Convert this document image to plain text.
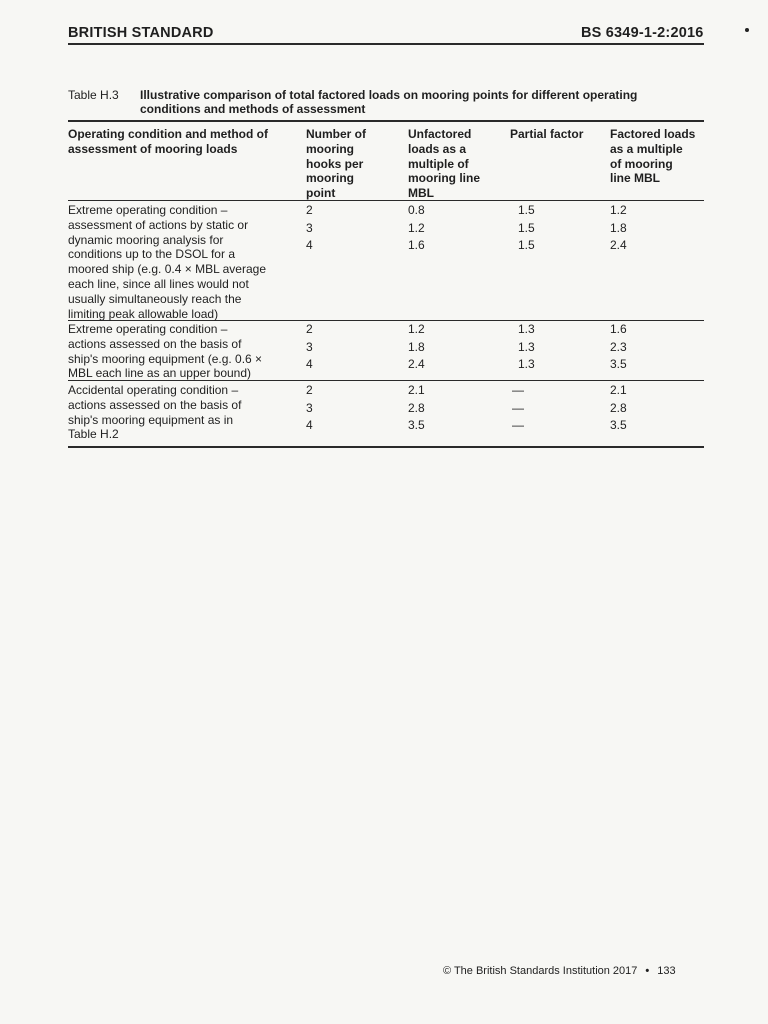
BRITISH STANDARD	BS 6349-1-2:2016
Table H.3 Illustrative comparison of total factored loads on mooring points for different operating
conditions and methods of assessment
Operating condition and method of
assessment of mooring loads
Number of
mooring
hooks per
mooring
point
Unfactored
loads as a
multiple of
mooring line
MBL
Partial factor	Factored loads
as a multiple
of mooring
line MBL
Extreme operating condition –
assessment of actions by static or
dynamic mooring analysis for
conditions up to the DSOL for a
moored ship (e.g. 0.4 × MBL average
each line, since all lines would not
usually simultaneously reach the
limiting peak allowable load)
2
3
4
0.8
1.2
1.6
1.5
1.5
1.5
1.2
1.8
2.4
Extreme operating condition –
actions assessed on the basis of
ship's mooring equipment (e.g. 0.6 ×
MBL each line as an upper bound)
2
3
4
1.2
1.8
2.4
1.3
1.3
1.3
1.6
2.3
3.5
Accidental operating condition –
actions assessed on the basis of
ship's mooring equipment as in
Table H.2
2
3
4
2.1
2.8
3.5
—
—
—
2.1
2.8
3.5
© The British Standards Institution 2017 • 133
